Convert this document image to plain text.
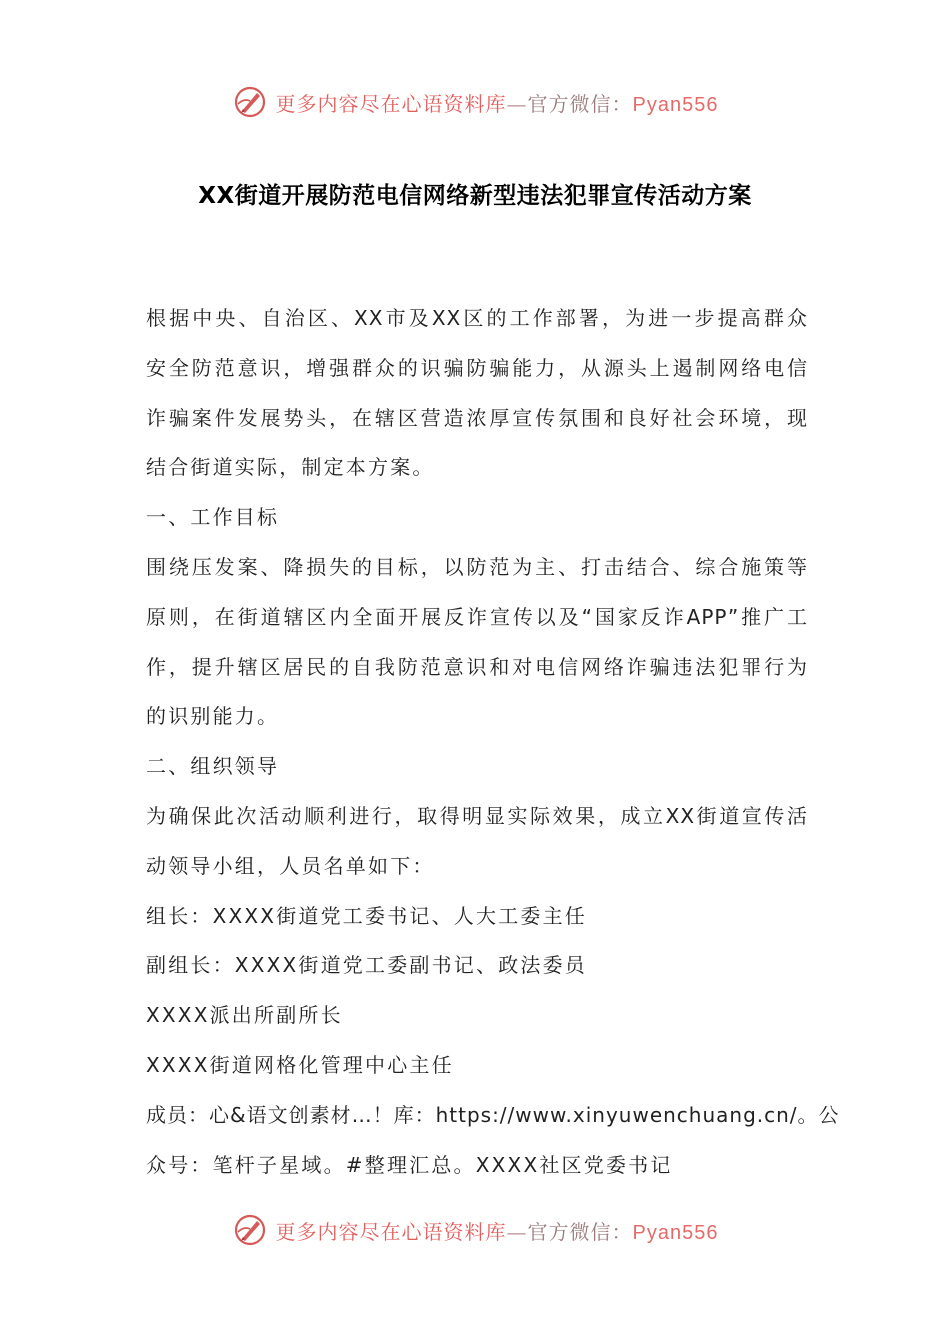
更多内容尽在心语资料库—官方微信：Pyan556
XX街道开展防范电信网络新型违法犯罪宣传活动方案
根据中央、自治区、XX市及XX区的工作部署，为进一步提高群众
安全防范意识，增强群众的识骗防骗能力，从源头上遏制网络电信
诈骗案件发展势头，在辖区营造浓厚宣传氛围和良好社会环境，现
结合街道实际，制定本方案。
一、工作目标
围绕压发案、降损失的目标，以防范为主、打击结合、综合施策等
原则，在街道辖区内全面开展反诈宣传以及“国家反诈APP”推广工
作，提升辖区居民的自我防范意识和对电信网络诈骗违法犯罪行为
的识别能力。
二、组织领导
为确保此次活动顺利进行，取得明显实际效果，成立XX街道宣传活
动领导小组，人员名单如下：
组长：XXXX街道党工委书记、人大工委主任
副组长：XXXX街道党工委副书记、政法委员
XXXX派出所副所长
XXXX街道网格化管理中心主任
成员：心&语文创素材…！库：https://www.xinyuwenchuang.cn/。公
众号：笔杆子星域。#整理汇总。XXXX社区党委书记
更多内容尽在心语资料库—官方微信：Pyan556
